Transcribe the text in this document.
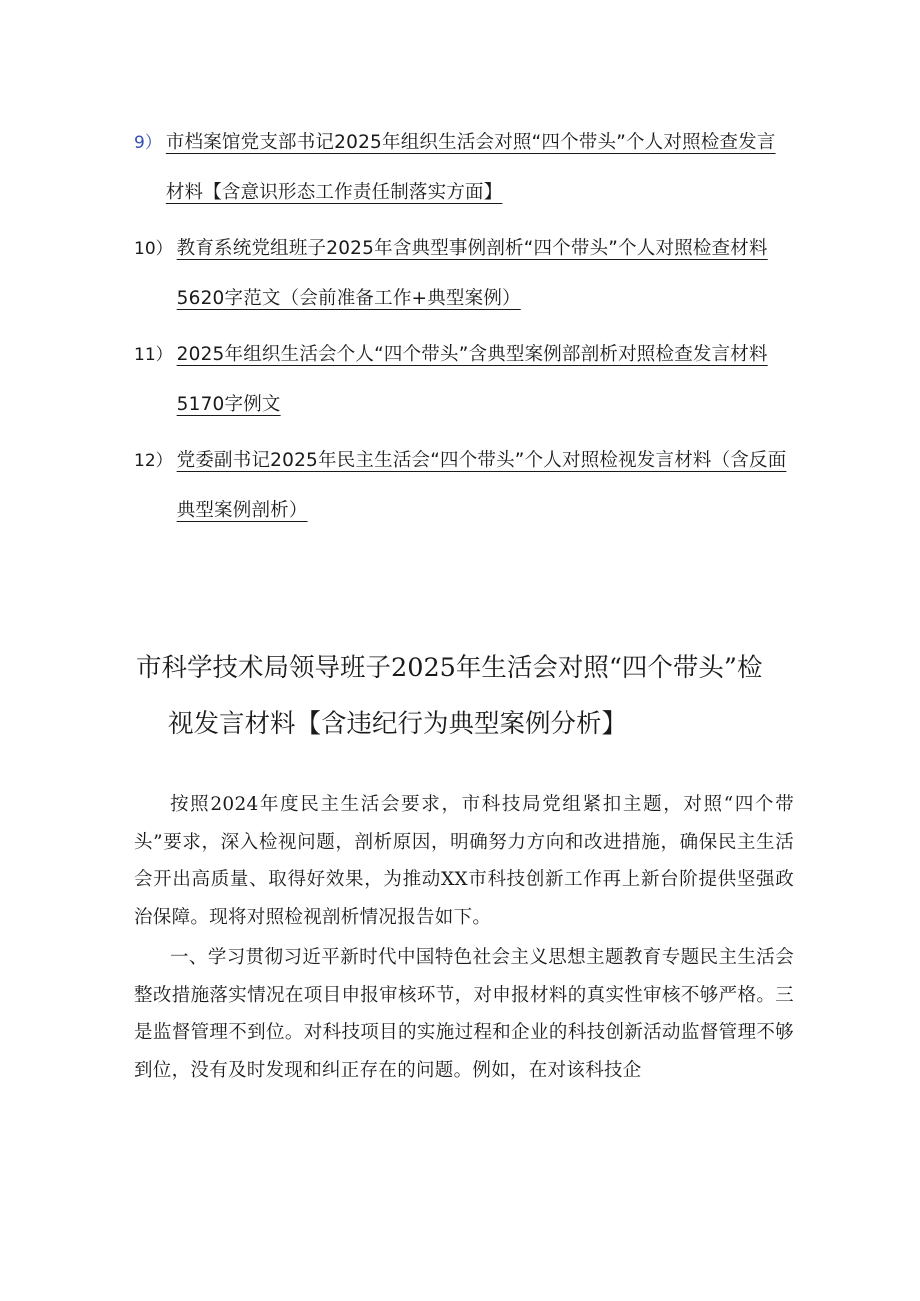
9） 市档案馆党支部书记2025年组织生活会对照“四个带头”个人对照检查发言材料【含意识形态工作责任制落实方面】
10） 教育系统党组班子2025年含典型事例剖析“四个带头”个人对照检查材料5620字范文（会前准备工作+典型案例）
11） 2025年组织生活会个人“四个带头”含典型案例部剖析对照检查发言材料5170字例文
12） 党委副书记2025年民主生活会“四个带头”个人对照检视发言材料（含反面典型案例剖析）
市科学技术局领导班子2025年生活会对照“四个带头”检
视发言材料【含违纪行为典型案例分析】

按照2024年度民主生活会要求，市科技局党组紧扣主题，对照“四个带头”要求，深入检视问题，剖析原因，明确努力方向和改进措施，确保民主生活会开出高质量、取得好效果，为推动XX市科技创新工作再上新台阶提供坚强政治保障。现将对照检视剖析情况报告如下。

一、学习贯彻习近平新时代中国特色社会主义思想主题教育专题民主生活会整改措施落实情况在项目申报审核环节，对申报材料的真实性审核不够严格。三是监督管理不到位。对科技项目的实施过程和企业的科技创新活动监督管理不够到位，没有及时发现和纠正存在的问题。例如，在对该科技企
